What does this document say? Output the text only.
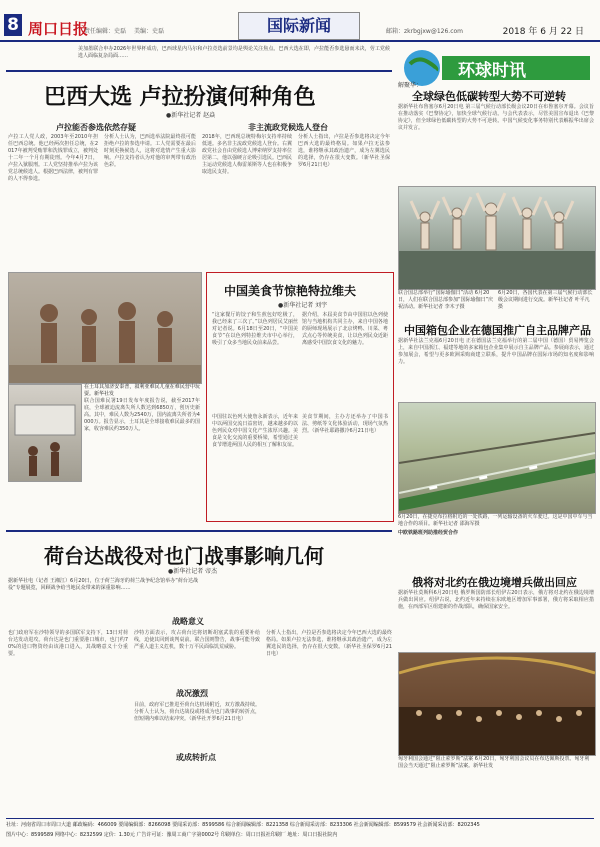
8 周口日报
责任编辑：史磊 美编：史磊	国际新闻	邮箱：zkrbgjxw@126.com	2018 年 6 月 22 日
美加墨联合申办2026年世界杯成功，巴西球星内马尔和卢拉竞选前景均是舆论关注焦点。巴西大选在即，卢拉能否参选悬而未决，劳工党候选人面临复杂局面……
巴西大选 卢拉扮演何种角色
●新华社记者 赵焱
卢拉能否参选依然存疑	非主流政党候选人登台
卢拉工人党人政，2003年至2010年担任巴西总统。他已经两次担任总统，在2017年被判受贿罪和洗钱罪成立，被判处十二年一个月有期徒刑。今年4月7日，卢拉入狱服刑。工人党坚持推举卢拉为该党总统候选人。根据巴西法律，被判有罪的人不得参选。
分析人士认为，巴西选举法院最终很可能拒绝卢拉的参选申请。工人党需要在最后时刻更换候选人，这将对选情产生重大影响。卢拉支持者认为对他的审判带有政治色彩。
2018年，巴西现总统特梅尔支持率持续低迷。多名非主流政党候选人登台。右翼政党社会自由党候选人博索纳罗支持率位居第二，他以强硬言论吸引选民。巴西民主运动党候选人梅雷莱斯等人也在积极争取选民支持。
分析人士指出，卢拉是否参选将决定今年巴西大选的最终格局。如果卢拉无法参选，谁将继承其政治遗产，成为左翼选民的选择，仍存在很大变数。（新华社圣保罗6月21日电）
环球时讯
解聚华：
全球绿色低碳转型大势不可逆转
据新华社布鲁塞尔6月20日电 第三届气候行动部长级会议20日在布鲁塞尔开幕。会议旨在推动落实《巴黎协定》，加快全球气候行动。与会代表表示，尽管美国宣布退出《巴黎协定》，但全球绿色低碳转型的大势不可逆转。中国气候变化事务特别代表解振华出席会议并发言。
联合国总部举行“国际瑜伽日”活动 6月20日，人们在联合国总部参加“国际瑜伽日”庆祝活动。新华社记者 李木子摄
6月20日，各国代表在第三届气候行动部长级会议期间进行交流。新华社记者 叶平凡摄
中国箱包企业在德国推广自主品牌产品
据新华社法兰克福6月20日电 正在德国法兰克福举行的第二届中国（德国）贸易博览会上，来自中国浙江、福建等地的多家箱包企业集中展示自主品牌产品。参展商表示，通过参加展会，希望与更多欧洲采购商建立联系，提升中国品牌在国际市场的知名度和影响力。
6月20日，在捷克布拉格附近的一处铁路，一列运输设备的火车驶过。这是中国中车与当地合作的项目。新华社记者 邵海军摄
中欧铁路班列助推经贸合作
俄将对北约在俄边境增兵做出回应
据新华社莫斯科6月20日电 俄罗斯国防部长绍伊古20日表示，俄方将对北约在俄边境增兵做出回应。绍伊古说，北约近年来持续在东欧地区增加军事部署，俄方将采取相应措施，在西部军区组建新的作战部队，确保国家安全。
匈牙利国会通过“阻止索罗斯”法案 6月20日，匈牙利国会议员在布达佩斯投票。匈牙利国会当天通过“阻止索罗斯”法案。新华社发
在土耳其加济安泰普，叙利亚难民儿童在难民营中玩耍。新华社发
联合国难民署19日发布年度报告说，截至2017年底，全球被迫流离失所人数达到6850万，创历史新高。其中，难民人数为2540万，国内流离失所者为4000万。报告显示，土耳其是全球接收难民最多的国家，收容难民约350万人。
中国美食节惊艳特拉维夫
●新华社记者 刘宇
“这家餐厅的饺子和生煎包好吃极了，我已经来了三次了。”以色列居民艾丽丝对记者说。6月18日至20日，“中国美食节”在以色列特拉维夫市中心举行，吸引了众多当地民众前来品尝。
据介绍，本届美食节由中国驻以色列使馆与当地机构共同主办，来自中国各地的厨师现场展示了北京烤鸭、川菜、粤式点心等传统美食，让以色列民众近距离感受中国饮食文化的魅力。
中国驻以色列大使詹永新表示，近年来中以两国交流日益密切，越来越多的以色列民众对中国文化产生浓厚兴趣。美食是文化交流的重要桥梁，希望通过美食节增进两国人民的相互了解和友谊。
美食节期间，主办方还举办了中国书法、剪纸等文化体验活动，现场气氛热烈。（新华社耶路撒冷6月21日电）
荷台达战役对也门战事影响几何
●新华社记者 帝杰
据新华社电（记者 王湘江）6月20日，位于荷兰海牙的荷兰战争纪念馆举办“荷台达战役”专题展览，回顾战争给当地民众带来的深重影响……
战略意义
也门政府军在沙特领导的多国联军支持下，13日对荷台达发动进攻。荷台达是也门重要港口城市，也门约70%的进口物资经由该港口进入，其战略意义十分重要。
沙特方面表示，攻占荷台达将切断胡塞武装的重要补给线，迫使其回到谈判桌前。联合国则警告，战事可能导致严重人道主义危机，数十万平民面临饥荒威胁。
战况激烈
目前，政府军已推进至荷台达机场附近，双方激战持续。分析人士认为，荷台达战役或将成为也门战事的转折点，但短期内难以结束冲突。（新华社开罗6月21日电）
或成转折点
分析人士指出，卢拉是否参选将决定今年巴西大选的最终格局。如果卢拉无法参选，谁将继承其政治遗产，成为左翼选民的选择，仍存在很大变数。（新华社圣保罗6月21日电）
社址：河南省周口市周口大道 邮政编码：466009 要闻编辑部：8266098 要闻采访部：8599586 综合新闻编辑部：8221358 综合新闻采访部：8233306 社会新闻编辑部：8599579 社会新闻采访部：8202345
图片中心：8599589 网络中心：8232599 定价：1.30元 广告许可证：豫周工商广字第0002号 印刷单位：周口日报社印刷厂 地址：周口日报社院内
